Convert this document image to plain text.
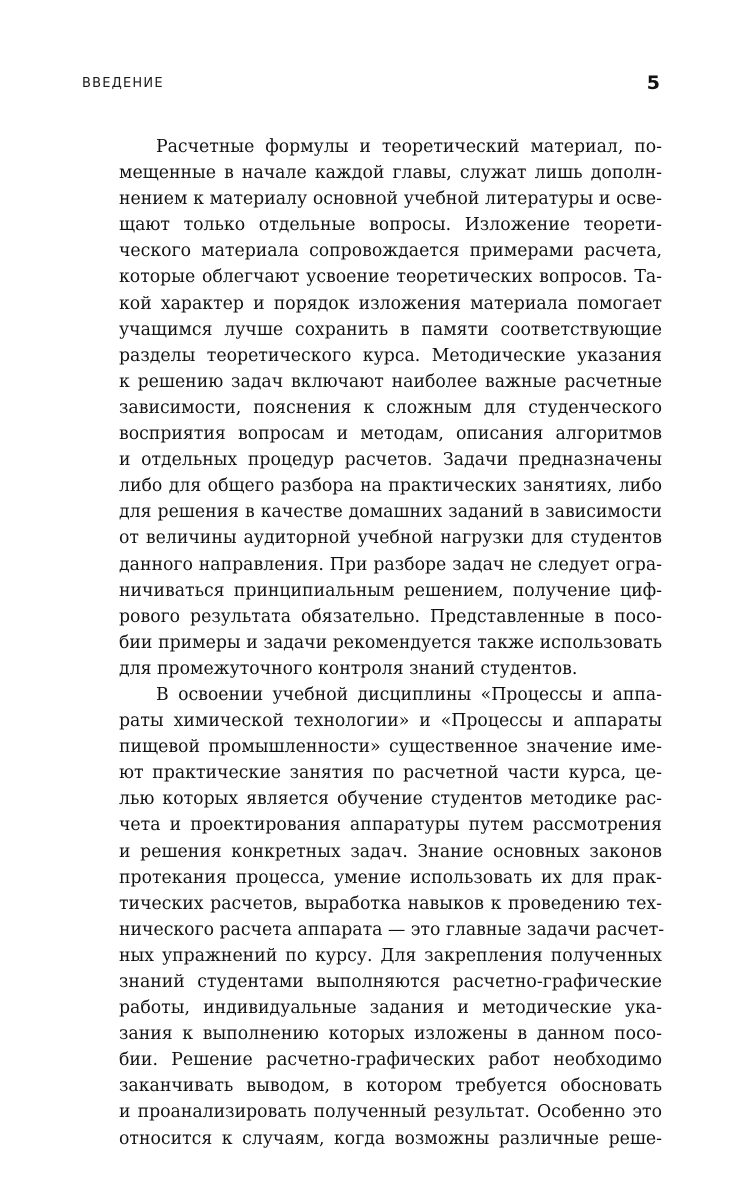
ВВЕДЕНИЕ	5
Расчетные формулы и теоретический материал, по-
мещенные в начале каждой главы, служат лишь дополн-
нением к материалу основной учебной литературы и осве-
щают только отдельные вопросы. Изложение теорети-
ческого материала сопровождается примерами расчета,
которые облегчают усвоение теоретических вопросов. Та-
кой характер и порядок изложения материала помогает
учащимся лучше сохранить в памяти соответствующие
разделы теоретического курса. Методические указания
к решению задач включают наиболее важные расчетные
зависимости, пояснения к сложным для студенческого
восприятия вопросам и методам, описания алгоритмов
и отдельных процедур расчетов. Задачи предназначены
либо для общего разбора на практических занятиях, либо
для решения в качестве домашних заданий в зависимости
от величины аудиторной учебной нагрузки для студентов
данного направления. При разборе задач не следует огра-
ничиваться принципиальным решением, получение циф-
рового результата обязательно. Представленные в посо-
бии примеры и задачи рекомендуется также использовать
для промежуточного контроля знаний студентов.
В освоении учебной дисциплины «Процессы и аппа-
раты химической технологии» и «Процессы и аппараты
пищевой промышленности» существенное значение име-
ют практические занятия по расчетной части курса, це-
лью которых является обучение студентов методике рас-
чета и проектирования аппаратуры путем рассмотрения
и решения конкретных задач. Знание основных законов
протекания процесса, умение использовать их для прак-
тических расчетов, выработка навыков к проведению тех-
нического расчета аппарата — это главные задачи расчет-
ных упражнений по курсу. Для закрепления полученных
знаний студентами выполняются расчетно-графические
работы, индивидуальные задания и методические ука-
зания к выполнению которых изложены в данном посо-
бии. Решение расчетно-графических работ необходимо
заканчивать выводом, в котором требуется обосновать
и проанализировать полученный результат. Особенно это
относится к случаям, когда возможны различные реше-
